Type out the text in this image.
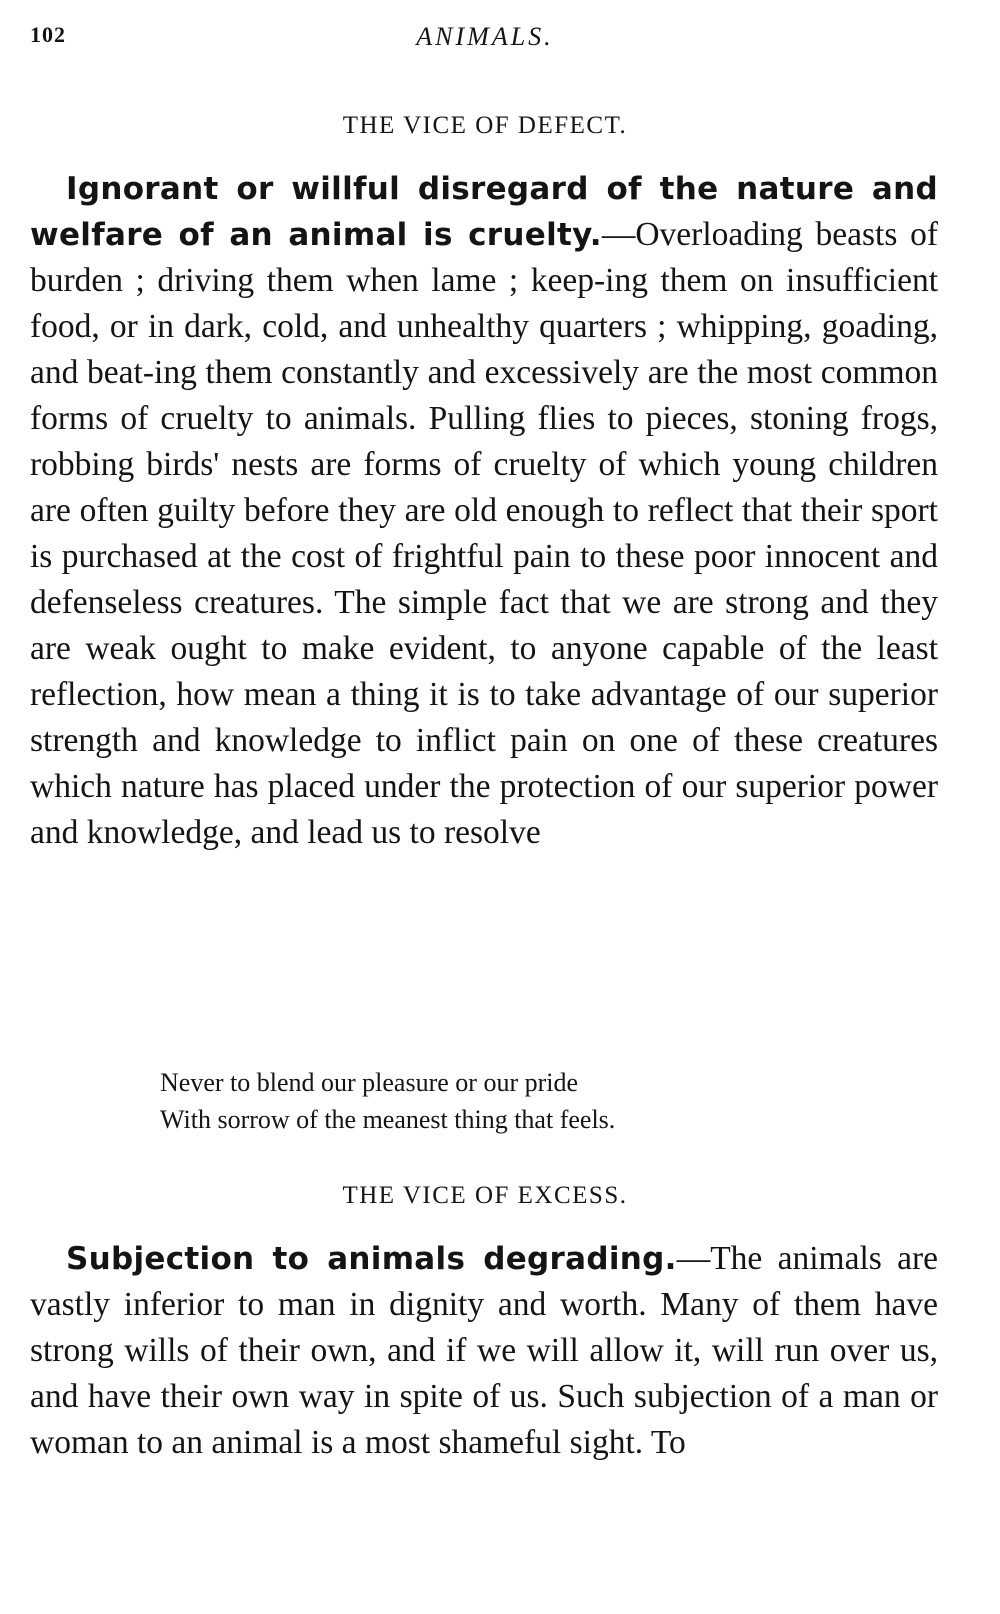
102	ANIMALS.
THE VICE OF DEFECT.

Ignorant or willful disregard of the nature and welfare of an animal is cruelty.—Overloading beasts of burden ; driving them when lame ; keep-ing them on insufficient food, or in dark, cold, and unhealthy quarters ; whipping, goading, and beat-ing them constantly and excessively are the most common forms of cruelty to animals. Pulling flies to pieces, stoning frogs, robbing birds' nests are forms of cruelty of which young children are often guilty before they are old enough to reflect that their sport is purchased at the cost of frightful pain to these poor innocent and defenseless creatures. The simple fact that we are strong and they are weak ought to make evident, to anyone capable of the least reflection, how mean a thing it is to take advantage of our superior strength and knowledge to inflict pain on one of these creatures which nature has placed under the protection of our superior power and knowledge, and lead us to resolve

Never to blend our pleasure or our pride
With sorrow of the meanest thing that feels.
THE VICE OF EXCESS.

Subjection to animals degrading.—The animals are vastly inferior to man in dignity and worth. Many of them have strong wills of their own, and if we will allow it, will run over us, and have their own way in spite of us. Such subjection of a man or woman to an animal is a most shameful sight. To
